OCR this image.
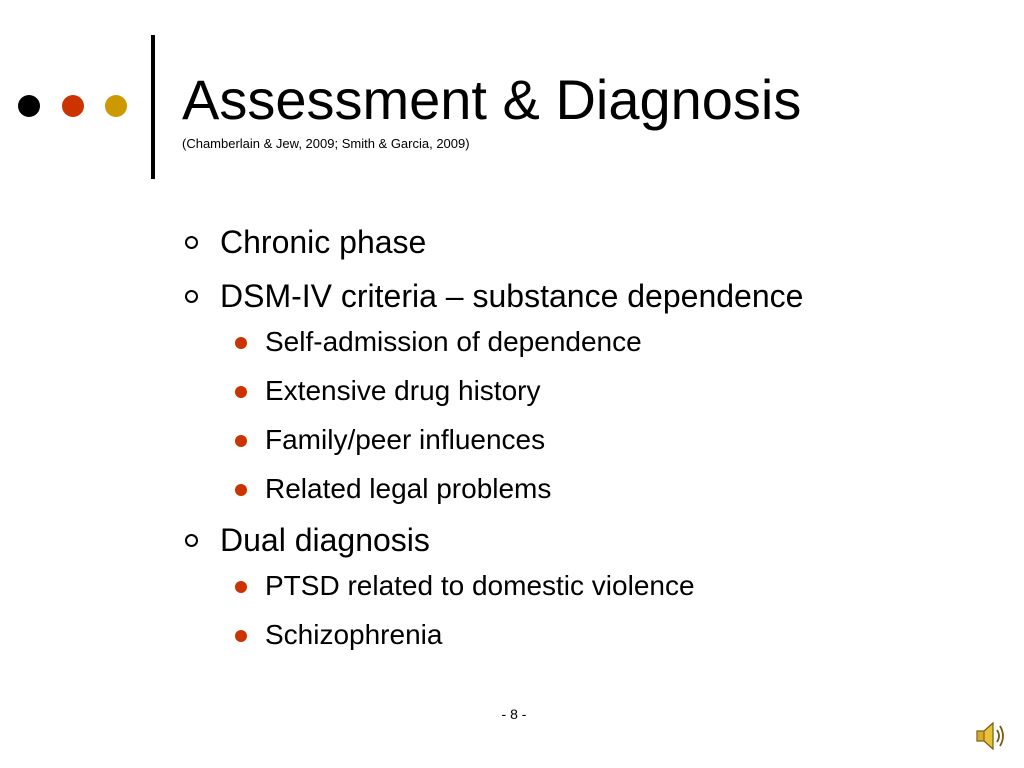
Assessment & Diagnosis
(Chamberlain & Jew, 2009; Smith & Garcia, 2009)
Chronic phase
DSM-IV criteria – substance dependence
Self-admission of dependence
Extensive drug history
Family/peer influences
Related legal problems
Dual diagnosis
PTSD related to domestic violence
Schizophrenia
- 8 -
